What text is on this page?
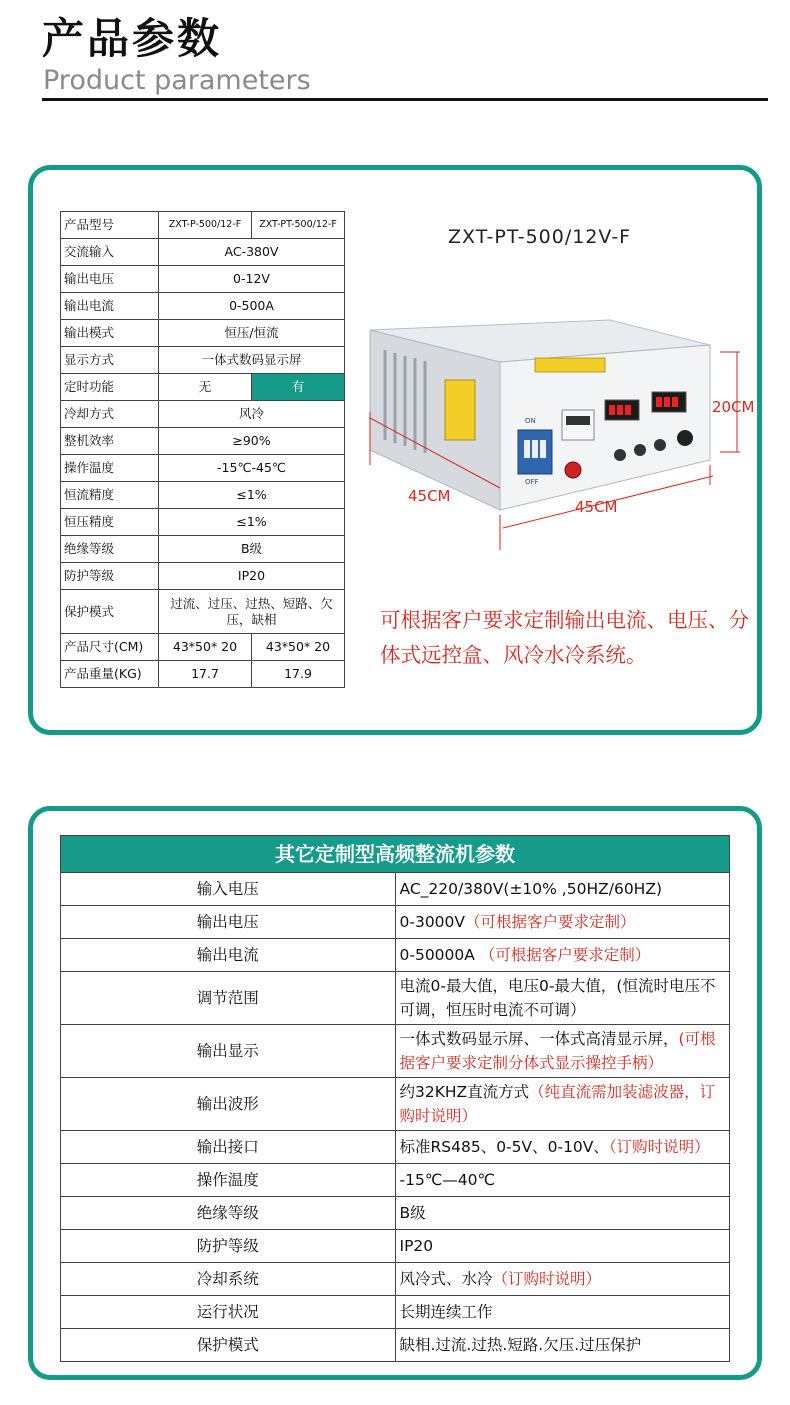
产品参数
Product parameters
产品型号	ZXT-P-500/12-F	ZXT-PT-500/12-F
交流输入	AC-380V	
输出电压	0-12V	
输出电流	0-500A	
输出模式	恒压/恒流	
显示方式	一体式数码显示屏	
定时功能	无	有
冷却方式	风冷	
整机效率	≥90%	
操作温度	-15℃-45℃	
恒流精度	≤1%	
恒压精度	≤1%	
绝缘等级	B级	
防护等级	IP20	
保护模式	过流、过压、过热、短路、欠压，缺相	
产品尺寸(CM)	43*50* 20	43*50* 20
产品重量(KG)	17.7	17.9
ZXT-PT-500/12V-F
ON
OFF
20CM
45CM
45CM
可根据客户要求定制输出电流、电压、分体式远控盒、风冷水冷系统。
其它定制型高频整流机参数	
输入电压	AC_220/380V(±10% ,50HZ/60HZ)
输出电压	0-3000V（可根据客户要求定制）
输出电流	0-50000A （可根据客户要求定制）
调节范围	电流0-最大值，电压0-最大值，(恒流时电压不可调，恒压时电流不可调）
输出显示	一体式数码显示屏、一体式高清显示屏，(可根据客户要求定制分体式显示操控手柄）
输出波形	约32KHZ直流方式（纯直流需加装滤波器，订购时说明）
输出接口	标准RS485、0-5V、0-10V、（订购时说明）
操作温度	-15℃—40℃
绝缘等级	B级
防护等级	IP20
冷却系统	风冷式、水冷（订购时说明）
运行状况	长期连续工作
保护模式	缺相.过流.过热.短路.欠压.过压保护
